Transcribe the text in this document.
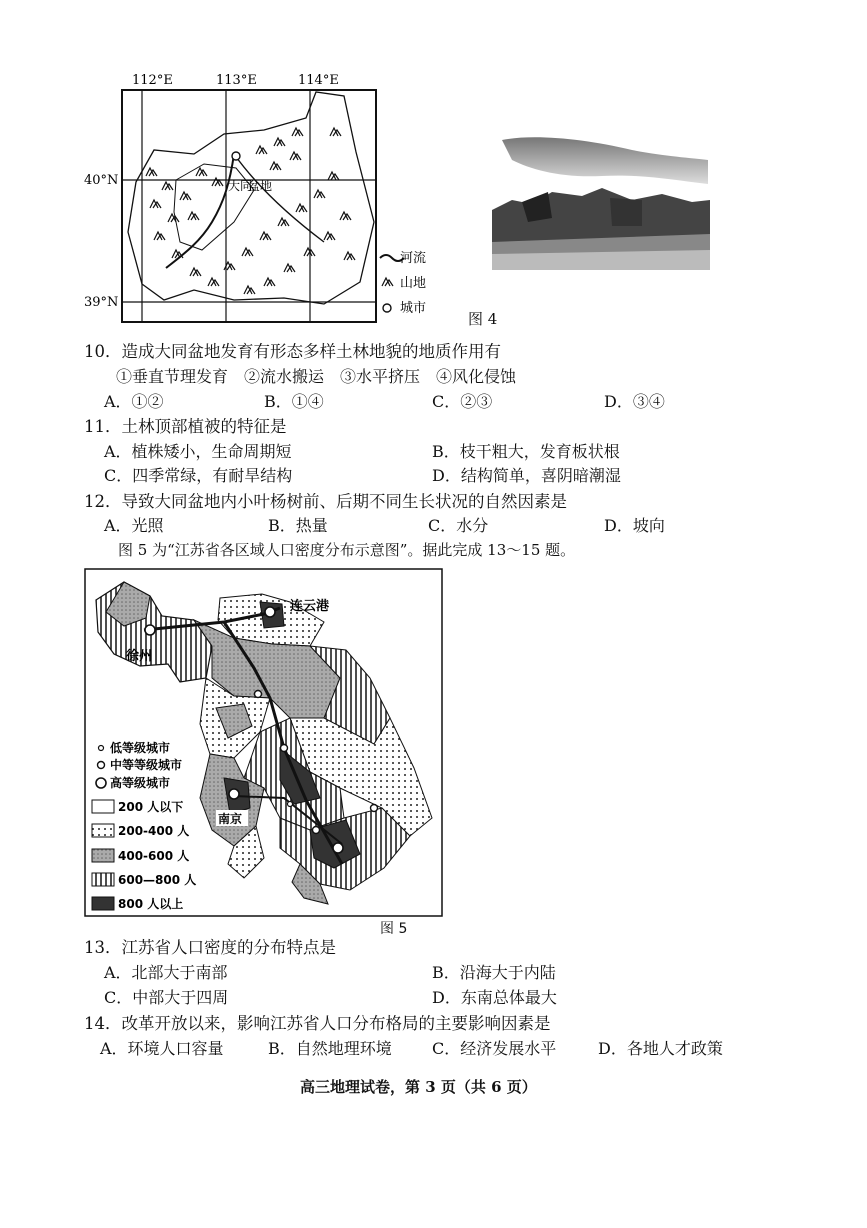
112°E	113°E	114°E
40°N
39°N
大同
盆地
河流
山地
城市
图 4
10．造成大同盆地发育有形态多样土林地貌的地质作用有
①垂直节理发育　②流水搬运　③水平挤压　④风化侵蚀
A．①②	B．①④	C．②③	D．③④
11．土林顶部植被的特征是
A．植株矮小，生命周期短	B．枝干粗大，发育板状根
C．四季常绿，有耐旱结构	D．结构简单，喜阴暗潮湿
12．导致大同盆地内小叶杨树前、后期不同生长状况的自然因素是
A．光照	B．热量	C．水分	D．坡向
图 5 为“江苏省各区域人口密度分布示意图”。据此完成 13～15 题。
连云港
徐州
南京
低等级城市
中等等级城市
高等级城市
200 人以下
200-400 人
400-600 人
600—800 人
800 人以上
图 5
13．江苏省人口密度的分布特点是
A．北部大于南部	B．沿海大于内陆
C．中部大于四周	D．东南总体最大
14．改革开放以来，影响江苏省人口分布格局的主要影响因素是
A．环境人口容量	B．自然地理环境	C．经济发展水平	D．各地人才政策
高三地理试卷，第 3 页（共 6 页）
